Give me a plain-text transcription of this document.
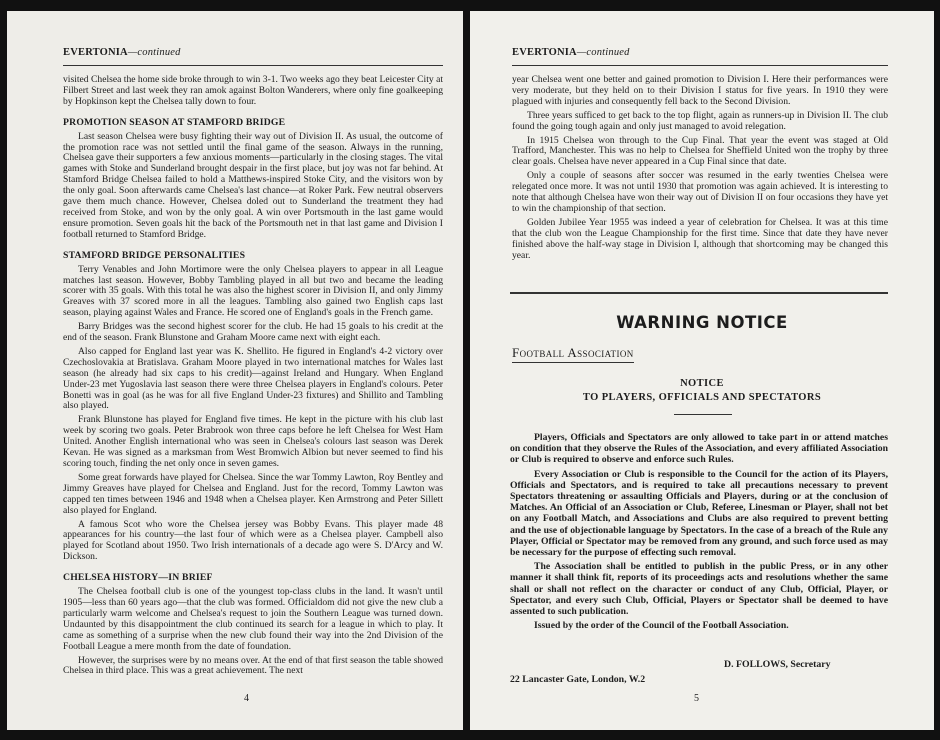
EVERTONIA—continued

visited Chelsea the home side broke through to win 3-1. Two weeks ago they beat Leicester City at Filbert Street and last week they ran amok against Bolton Wanderers, where only fine goalkeeping by Hopkinson kept the Chelsea tally down to four.

PROMOTION SEASON AT STAMFORD BRIDGE

Last season Chelsea were busy fighting their way out of Division II. As usual, the outcome of the promotion race was not settled until the final game of the season. Always in the running, Chelsea gave their supporters a few anxious moments—particularly in the closing stages. The vital games with Stoke and Sunderland brought despair in the first place, but joy was not far behind. At Stamford Bridge Chelsea failed to hold a Matthews-inspired Stoke City, and the visitors won by the only goal. Soon afterwards came Chelsea's last chance—at Roker Park. Few neutral observers gave them much chance. However, Chelsea doled out to Sunderland the treatment they had received from Stoke, and won by the only goal. A win over Portsmouth in the last game would ensure promotion. Seven goals hit the back of the Portsmouth net in that last game and Division I football returned to Stamford Bridge.

STAMFORD BRIDGE PERSONALITIES

Terry Venables and John Mortimore were the only Chelsea players to appear in all League matches last season. However, Bobby Tambling played in all but two and became the leading scorer with 35 goals. With this total he was also the highest scorer in Division II, and only Jimmy Greaves with 37 scored more in all the leagues. Tambling also gained two English caps last season, playing against Wales and France. He scored one of England's goals in the French game.

Barry Bridges was the second highest scorer for the club. He had 15 goals to his credit at the end of the season. Frank Blunstone and Graham Moore came next with eight each.

Also capped for England last year was K. Shellito. He figured in England's 4-2 victory over Czechoslovakia at Bratislava. Graham Moore played in two international matches for Wales last season (he already had six caps to his credit)—against Ireland and Hungary. When England Under-23 met Yugoslavia last season there were three Chelsea players in England's colours. Peter Bonetti was in goal (as he was for all five England Under-23 fixtures) and Shillito and Tambling also played.

Frank Blunstone has played for England five times. He kept in the picture with his club last week by scoring two goals. Peter Brabrook won three caps before he left Chelsea for West Ham United. Another English international who was seen in Chelsea's colours last season was Derek Kevan. He was signed as a marksman from West Bromwich Albion but never seemed to find his scoring touch, finding the net only once in seven games.

Some great forwards have played for Chelsea. Since the war Tommy Lawton, Roy Bentley and Jimmy Greaves have played for Chelsea and England. Just for the record, Tommy Lawton was capped ten times between 1946 and 1948 when a Chelsea player. Ken Armstrong and Peter Sillett also played for England.

A famous Scot who wore the Chelsea jersey was Bobby Evans. This player made 48 appearances for his country—the last four of which were as a Chelsea player. Campbell also played for Scotland about 1950. Two Irish internationals of a decade ago were S. D'Arcy and W. Dickson.

CHELSEA HISTORY—IN BRIEF

The Chelsea football club is one of the youngest top-class clubs in the land. It wasn't until 1905—less than 60 years ago—that the club was formed. Officialdom did not give the new club a particularly warm welcome and Chelsea's request to join the Southern League was turned down. Undaunted by this disappointment the club continued its search for a league in which to play. It came as something of a surprise when the new club found their way into the 2nd Division of the Football League a mere month from the date of foundation.

However, the surprises were by no means over. At the end of that first season the table showed Chelsea in third place. This was a great achievement. The next

4
EVERTONIA—continued

year Chelsea went one better and gained promotion to Division I. Here their performances were very moderate, but they held on to their Division I status for five years. In 1910 they were plagued with injuries and consequently fell back to the Second Division.

Three years sufficed to get back to the top flight, again as runners-up in Division II. The club found the going tough again and only just managed to avoid relegation.

In 1915 Chelsea won through to the Cup Final. That year the event was staged at Old Trafford, Manchester. This was no help to Chelsea for Sheffield United won the trophy by three clear goals. Chelsea have never appeared in a Cup Final since that date.

Only a couple of seasons after soccer was resumed in the early twenties Chelsea were relegated once more. It was not until 1930 that promotion was again achieved. It is interesting to note that although Chelsea have won their way out of Division II on four occasions they have yet to win the championship of that section.

Golden Jubilee Year 1955 was indeed a year of celebration for Chelsea. It was at this time that the club won the League Championship for the first time. Since that date they have never finished above the half-way stage in Division I, although that shortcoming may be changed this year.

WARNING NOTICE
Football Association
NOTICE
TO PLAYERS, OFFICIALS AND SPECTATORS

Players, Officials and Spectators are only allowed to take part in or attend matches on condition that they observe the Rules of the Association, and every affiliated Association or Club is required to observe and enforce such Rules.

Every Association or Club is responsible to the Council for the action of its Players, Officials and Spectators, and is required to take all precautions necessary to prevent Spectators threatening or assaulting Officials and Players, during or at the conclusion of Matches. An Official of an Association or Club, Referee, Linesman or Player, shall not bet on any Football Match, and Associations and Clubs are also required to prevent betting and the use of objectionable language by Spectators. In the case of a breach of the Rule any Player, Official or Spectator may be removed from any ground, and such force used as may be necessary for the purpose of effecting such removal.

The Association shall be entitled to publish in the public Press, or in any other manner it shall think fit, reports of its proceedings acts and resolutions whether the same shall or shall not reflect on the character or conduct of any Club, Official, Player, or Spectator, and every such Club, Official, Players or Spectator shall be deemed to have assented to such publication.

Issued by the order of the Council of the Football Association.

D. FOLLOWS, Secretary
22 Lancaster Gate, London, W.2
5
